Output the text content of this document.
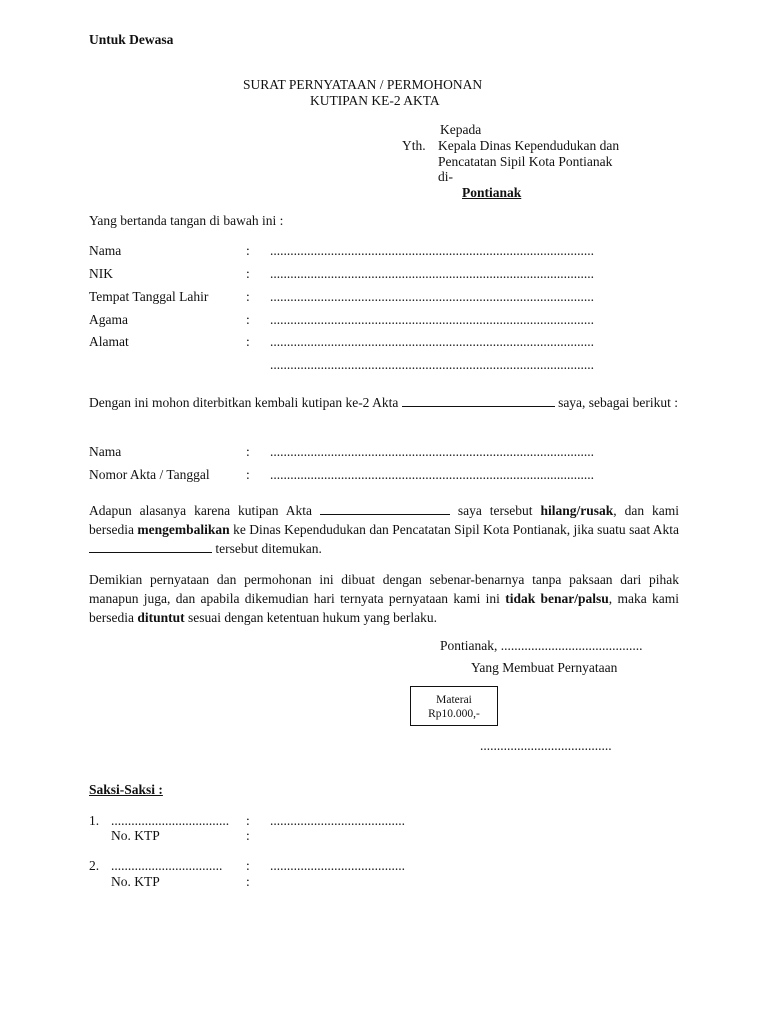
Untuk Dewasa
SURAT PERNYATAAN / PERMOHONAN
KUTIPAN KE-2 AKTA
Kepada
Yth. Kepala Dinas Kependudukan dan
Pencatatan Sipil Kota Pontianak
di-
Pontianak
Yang bertanda tangan di bawah ini :
Nama	: ................................................................................................
NIK	: ................................................................................................
Tempat Tanggal Lahir	: ................................................................................................
Agama	: ................................................................................................
Alamat	: ................................................................................................
................................................................................................
Dengan ini mohon diterbitkan kembali kutipan ke-2 Akta	saya, sebagai berikut :
Nama	: ................................................................................................
Nomor Akta / Tanggal	: ................................................................................................
Adapun alasanya karena kutipan Akta	saya tersebut hilang/rusak, dan kami bersedia mengembalikan ke Dinas Kependudukan dan Pencatatan Sipil Kota Pontianak, jika suatu saat Akta  tersebut ditemukan.
Demikian pernyataan dan permohonan ini dibuat dengan sebenar-benarnya tanpa paksaan dari pihak manapun juga, dan apabila dikemudian hari ternyata pernyataan kami ini tidak benar/palsu, maka kami bersedia dituntut sesuai dengan ketentuan hukum yang berlaku.
Pontianak, ..........................................
Yang Membuat Pernyataan
Materai
Rp10.000,-
.......................................
Saksi-Saksi :
1. ................................... : ........................................
No. KTP	:
2. ................................. : ........................................
No. KTP	:
